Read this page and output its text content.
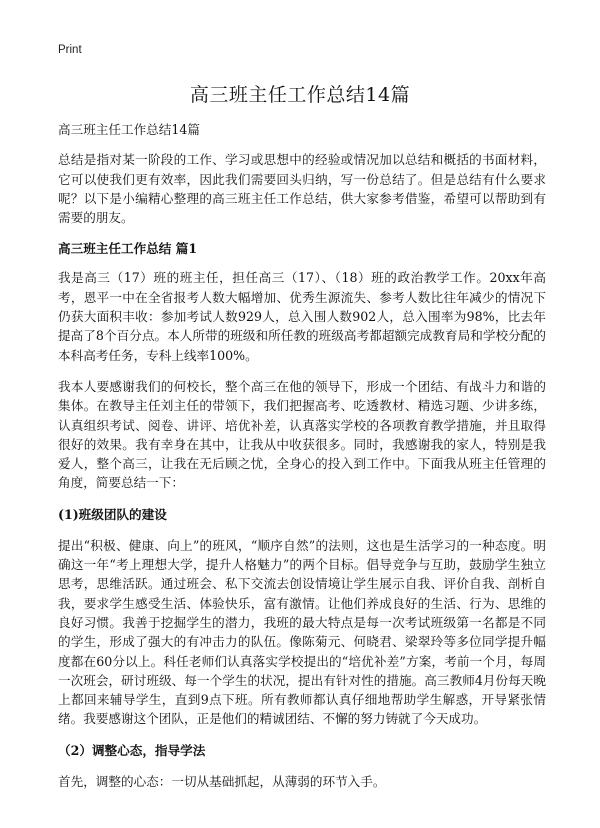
Print
高三班主任工作总结14篇

高三班主任工作总结14篇

总结是指对某一阶段的工作、学习或思想中的经验或情况加以总结和概括的书面材料，它可以使我们更有效率，因此我们需要回头归纳，写一份总结了。但是总结有什么要求呢？以下是小编精心整理的高三班主任工作总结，供大家参考借鉴，希望可以帮助到有需要的朋友。

高三班主任工作总结 篇1

我是高三（17）班的班主任，担任高三（17）、（18）班的政治教学工作。20xx年高考，恩平一中在全省报考人数大幅增加、优秀生源流失、参考人数比往年减少的情况下仍获大面积丰收：参加考试人数929人，总入围人数902人，总入围率为98%，比去年提高了8个百分点。本人所带的班级和所任教的班级高考都超额完成教育局和学校分配的本科高考任务，专科上线率100%。

我本人要感谢我们的何校长，整个高三在他的领导下，形成一个团结、有战斗力和谐的集体。在教导主任刘主任的带领下，我们把握高考、吃透教材、精选习题、少讲多练，认真组织考试、阅卷、讲评、培优补差，认真落实学校的各项教育教学措施，并且取得很好的效果。我有幸身在其中，让我从中收获很多。同时，我感谢我的家人，特别是我爱人，整个高三，让我在无后顾之忧，全身心的投入到工作中。下面我从班主任管理的角度，简要总结一下：

(1)班级团队的建设

提出“积极、健康、向上”的班风，“顺序自然”的法则，这也是生活学习的一种态度。明确这一年“考上理想大学，提升人格魅力”的两个目标。倡导竞争与互助，鼓励学生独立思考，思维活跃。通过班会、私下交流去创设情境让学生展示自我、评价自我、剖析自我，要求学生感受生活、体验快乐，富有激情。让他们养成良好的生活、行为、思维的良好习惯。我善于挖掘学生的潜力，我班的最大特点是每一次考试班级第一名都是不同的学生，形成了强大的有冲击力的队伍。像陈菊元、何晓君、梁翠玲等多位同学提升幅度都在60分以上。科任老师们认真落实学校提出的“培优补差”方案，考前一个月，每周一次班会，研讨班级、每一个学生的状况，提出有针对性的措施。高三教师4月份每天晚上都回来辅导学生，直到9点下班。所有教师都认真仔细地帮助学生解惑，开导紧张情绪。我要感谢这个团队，正是他们的精诚团结、不懈的努力铸就了今天成功。

（2）调整心态，指导学法

首先，调整的心态：一切从基础抓起，从薄弱的环节入手。
